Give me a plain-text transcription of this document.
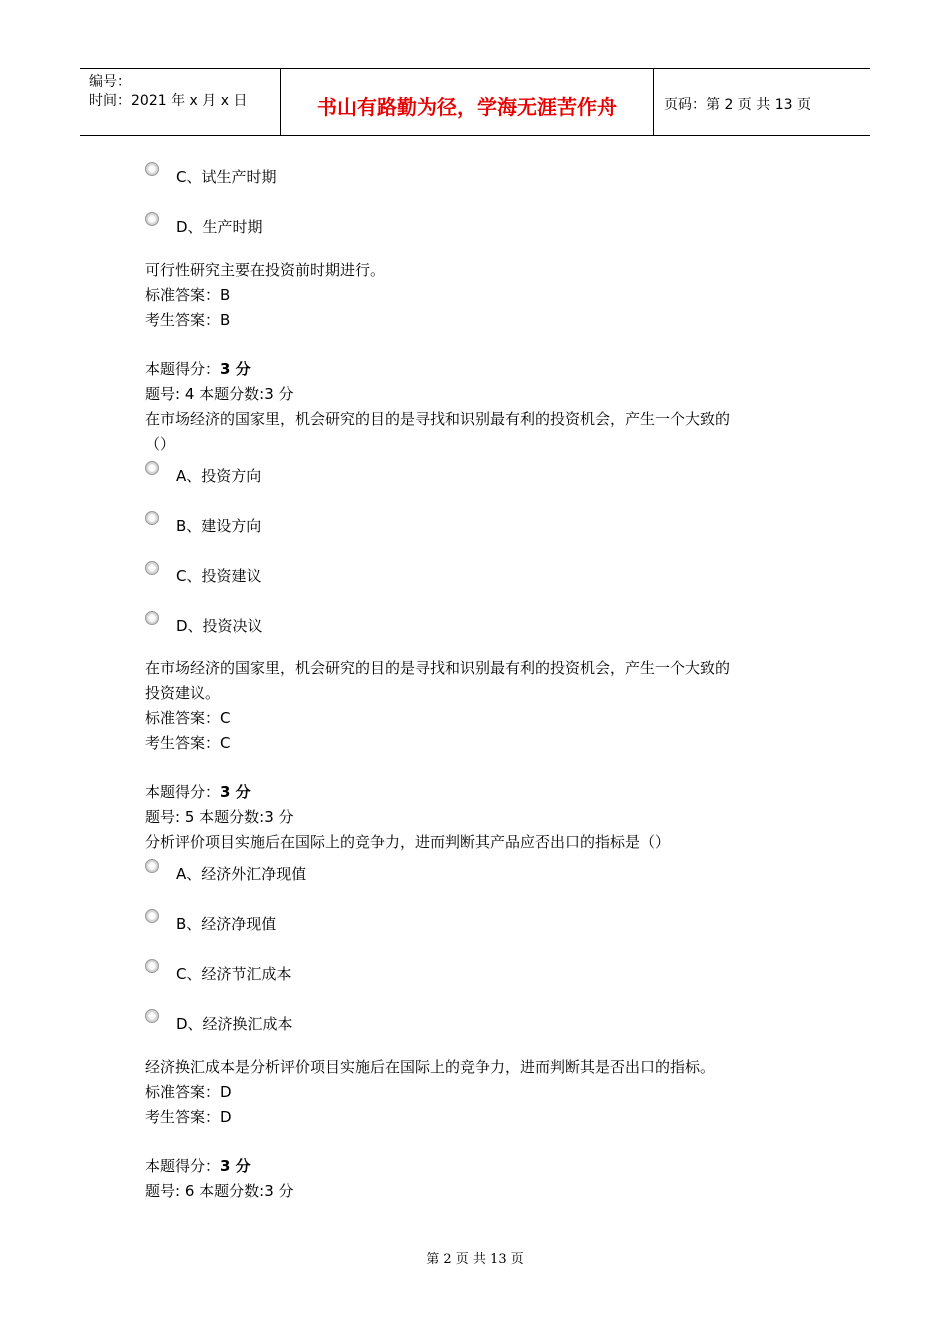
编号：
时间：2021 年 x 月 x 日	书山有路勤为径，学海无涯苦作舟	页码：第 2 页 共 13 页
C、试生产时期
D、生产时期
可行性研究主要在投资前时期进行。
标准答案：B
考生答案：B
本题得分：3 分
题号: 4 本题分数:3 分
在市场经济的国家里，机会研究的目的是寻找和识别最有利的投资机会，产生一个大致的
（）
A、投资方向
B、建设方向
C、投资建议
D、投资决议
在市场经济的国家里，机会研究的目的是寻找和识别最有利的投资机会，产生一个大致的
投资建议。
标准答案：C
考生答案：C
本题得分：3 分
题号: 5 本题分数:3 分
分析评价项目实施后在国际上的竞争力，进而判断其产品应否出口的指标是（）
A、经济外汇净现值
B、经济净现值
C、经济节汇成本
D、经济换汇成本
经济换汇成本是分析评价项目实施后在国际上的竞争力，进而判断其是否出口的指标。
标准答案：D
考生答案：D
本题得分：3 分
题号: 6 本题分数:3 分
第 2 页 共 13 页
